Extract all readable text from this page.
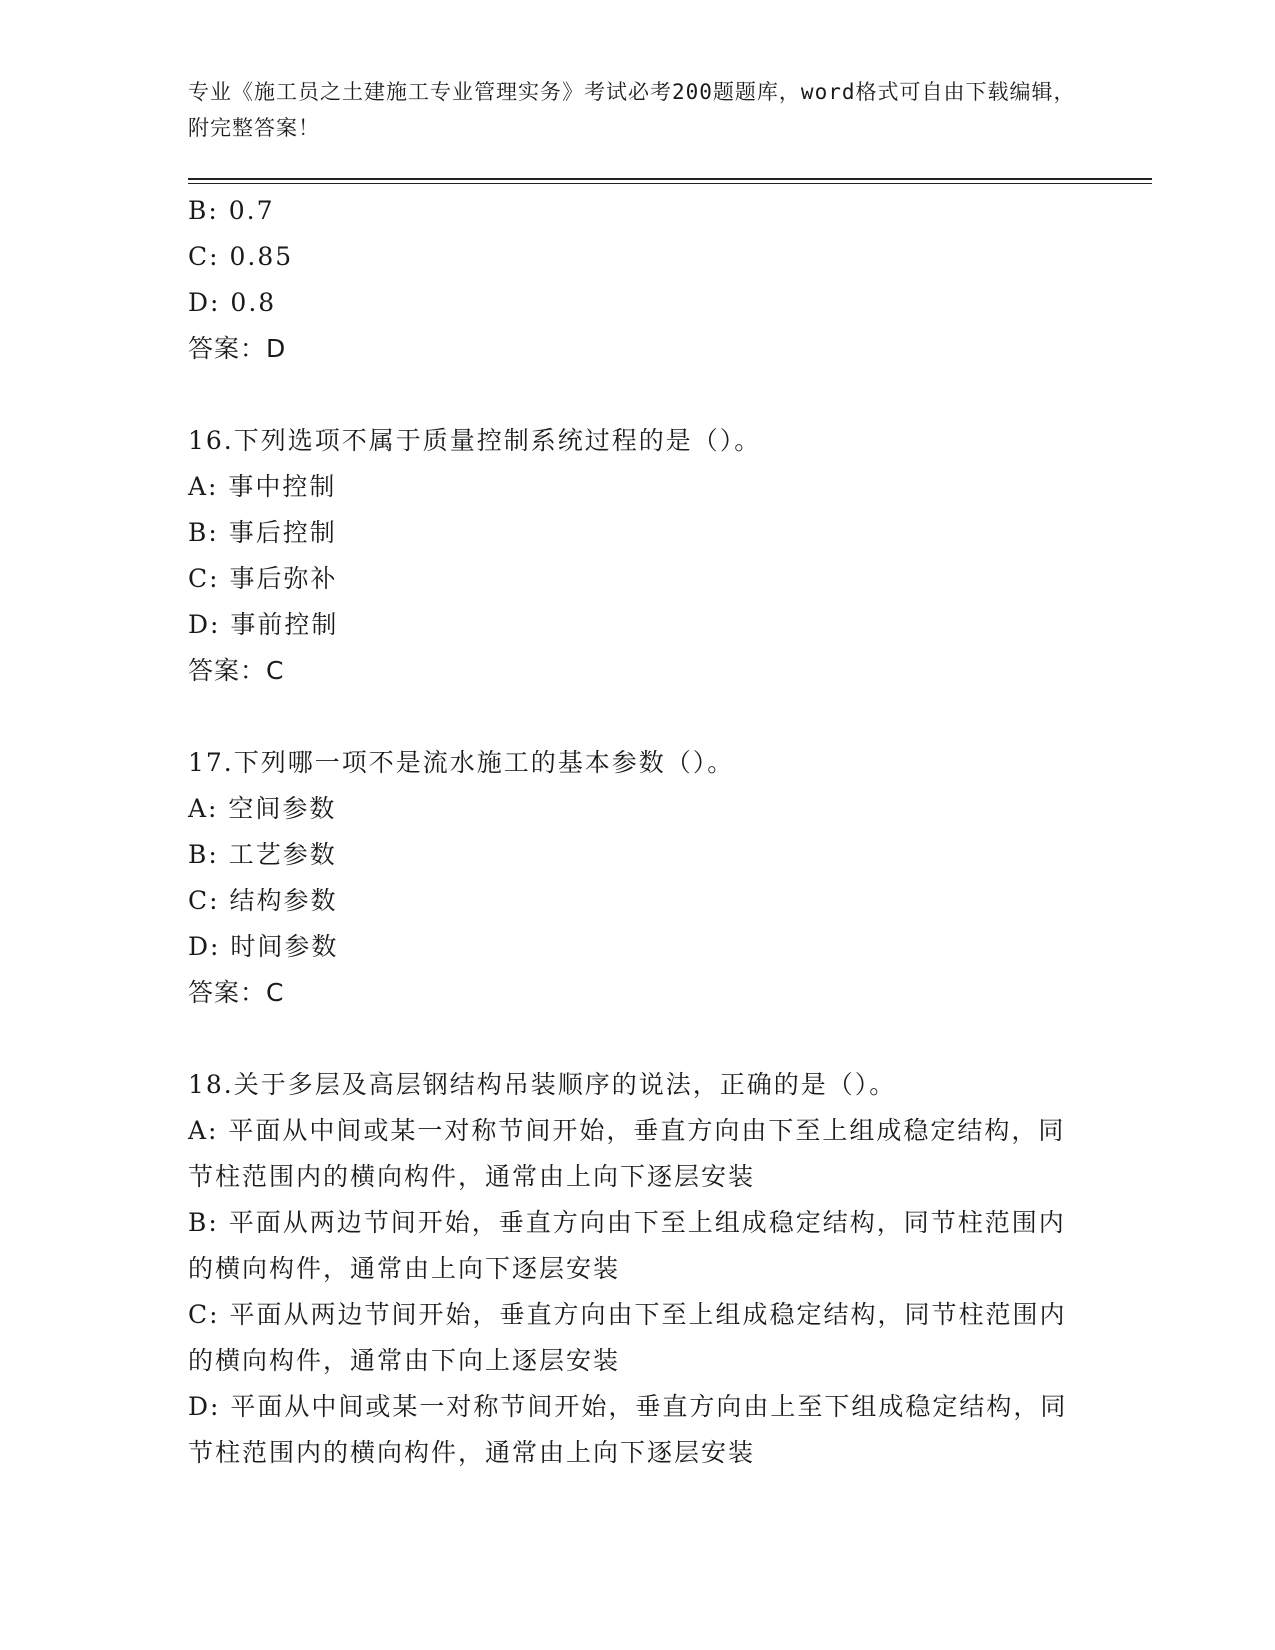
专业《施工员之土建施工专业管理实务》考试必考200题题库，word格式可自由下载编辑，附完整答案！
B: 0.7
C: 0.85
D: 0.8
答案：D
16.下列选项不属于质量控制系统过程的是（）。
A: 事中控制
B: 事后控制
C: 事后弥补
D: 事前控制
答案：C
17.下列哪一项不是流水施工的基本参数（）。
A: 空间参数
B: 工艺参数
C: 结构参数
D: 时间参数
答案：C
18.关于多层及高层钢结构吊装顺序的说法，正确的是（）。
A: 平面从中间或某一对称节间开始，垂直方向由下至上组成稳定结构，同节柱范围内的横向构件，通常由上向下逐层安装
B: 平面从两边节间开始，垂直方向由下至上组成稳定结构，同节柱范围内的横向构件，通常由上向下逐层安装
C: 平面从两边节间开始，垂直方向由下至上组成稳定结构，同节柱范围内的横向构件，通常由下向上逐层安装
D: 平面从中间或某一对称节间开始，垂直方向由上至下组成稳定结构，同节柱范围内的横向构件，通常由上向下逐层安装
